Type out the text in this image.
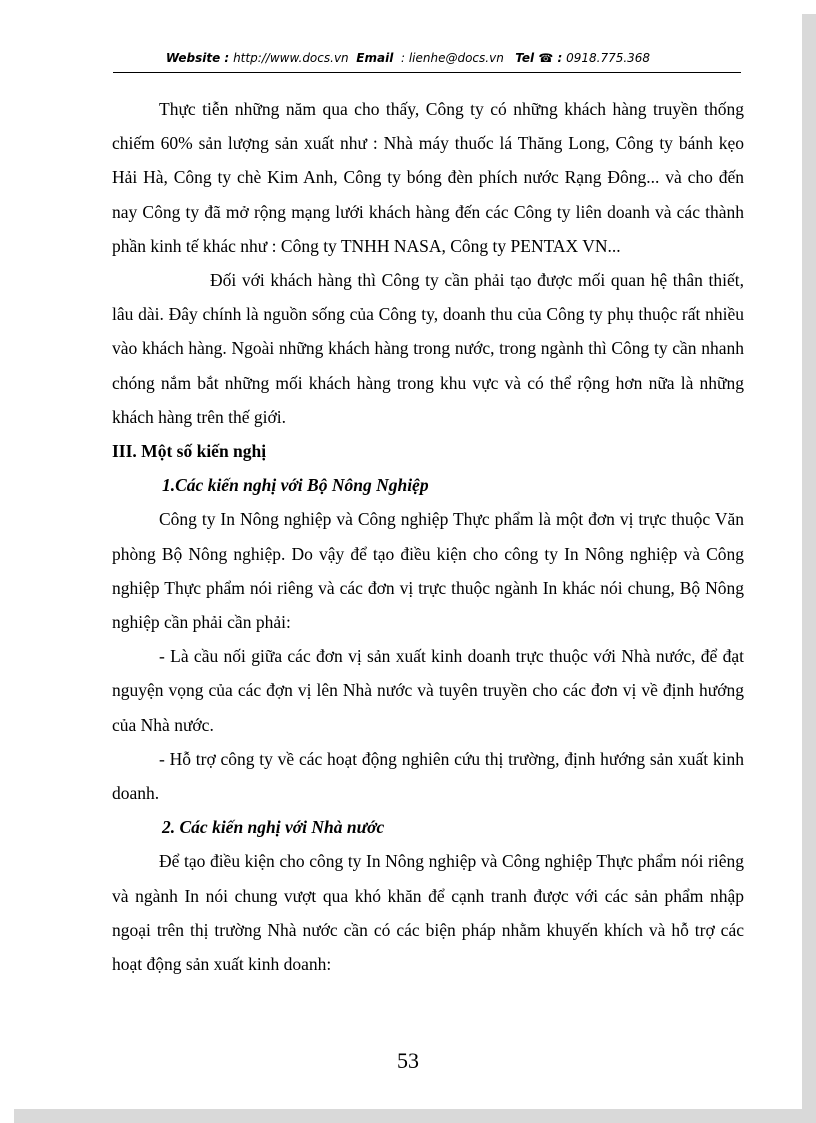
Website : http://www.docs.vn Email : lienhe@docs.vn Tel ☎ : 0918.775.368

Thực tiễn những năm qua cho thấy, Công ty có những khách hàng truyền thống chiếm 60% sản lượng sản xuất như : Nhà máy thuốc lá Thăng Long, Công ty bánh kẹo Hải Hà, Công ty chè Kim Anh, Công ty bóng đèn phích nước Rạng Đông... và cho đến nay Công ty đã mở rộng mạng lưới khách hàng đến các Công ty liên doanh và các thành phần kinh tế khác như : Công ty TNHH NASA, Công ty PENTAX VN...

Đối với khách hàng thì Công ty cần phải tạo được mối quan hệ thân thiết, lâu dài. Đây chính là nguồn sống của Công ty, doanh thu của Công ty phụ thuộc rất nhiều vào khách hàng. Ngoài những khách hàng trong nước, trong ngành thì Công ty cần nhanh chóng nắm bắt những mối khách hàng trong khu vực và có thể rộng hơn nữa là những khách hàng trên thế giới.

III. Một số kiến nghị

1.Các kiến nghị với Bộ Nông Nghiệp

Công ty In Nông nghiệp và Công nghiệp Thực phẩm là một đơn vị trực thuộc Văn phòng Bộ Nông nghiệp. Do vậy để tạo điều kiện cho công ty In Nông nghiệp và Công nghiệp Thực phẩm nói riêng và các đơn vị trực thuộc ngành In khác nói chung, Bộ Nông nghiệp cần phải cần phải:

- Là cầu nối giữa các đơn vị sản xuất kinh doanh trực thuộc với Nhà nước, để đạt nguyện vọng của các đợn vị lên Nhà nước và tuyên truyền cho các đơn vị về định hướng của Nhà nước.

- Hỗ trợ công ty về các hoạt động nghiên cứu thị trường, định hướng sản xuất kinh doanh.

2. Các kiến nghị với Nhà nước

Để tạo điều kiện cho công ty In Nông nghiệp và Công nghiệp Thực phẩm nói riêng và ngành In nói chung vượt qua khó khăn để cạnh tranh được với các sản phẩm nhập ngoại trên thị trường Nhà nước cần có các biện pháp nhằm khuyến khích và hỗ trợ các hoạt động sản xuất kinh doanh:

53
